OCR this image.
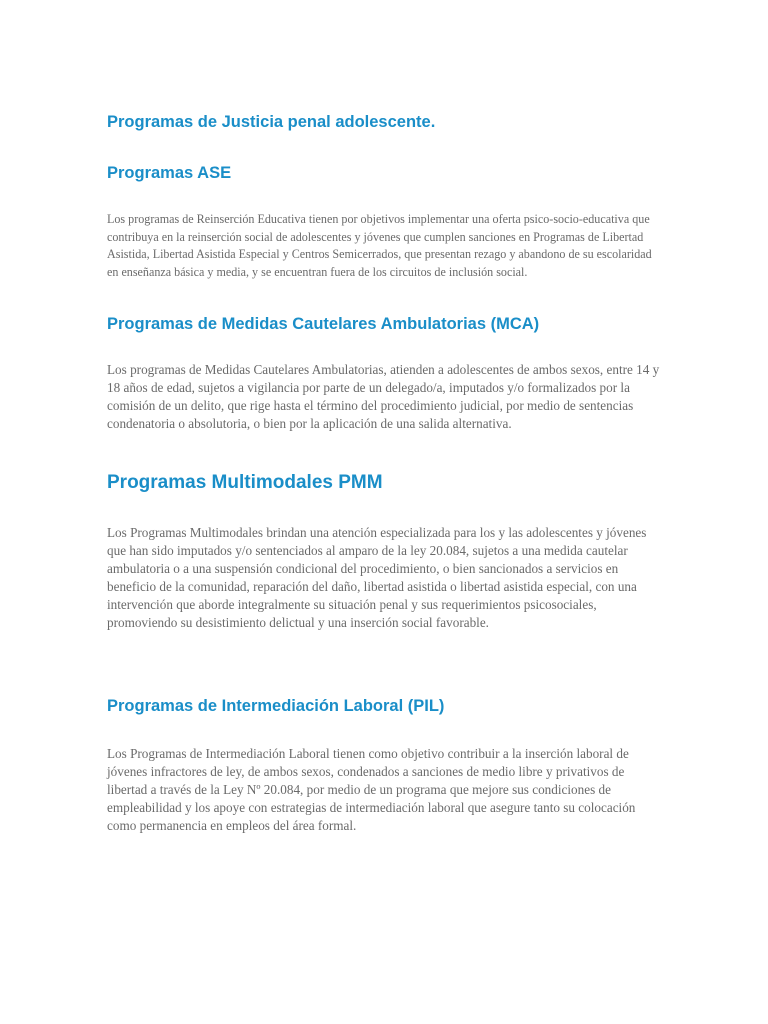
Programas de Justicia penal adolescente.
Programas ASE

Los programas de Reinserción Educativa tienen por objetivos implementar una oferta psico-socio-educativa que contribuya en la reinserción social de adolescentes y jóvenes que cumplen sanciones en Programas de Libertad Asistida, Libertad Asistida Especial y Centros Semicerrados, que presentan rezago y abandono de su escolaridad en enseñanza básica y media, y se encuentran fuera de los circuitos de inclusión social.

Programas de Medidas Cautelares Ambulatorias (MCA)

Los programas de Medidas Cautelares Ambulatorias, atienden a adolescentes de ambos sexos, entre 14 y 18 años de edad, sujetos a vigilancia por parte de un delegado/a, imputados y/o formalizados por la comisión de un delito, que rige hasta el término del procedimiento judicial, por medio de sentencias condenatoria o absolutoria, o bien por la aplicación de una salida alternativa.

Programas Multimodales PMM

Los Programas Multimodales brindan una atención especializada para los y las adolescentes y jóvenes que han sido imputados y/o sentenciados al amparo de la ley 20.084, sujetos a una medida cautelar ambulatoria o a una suspensión condicional del procedimiento, o bien sancionados a servicios en beneficio de la comunidad, reparación del daño, libertad asistida o libertad asistida especial, con una intervención que aborde integralmente su situación penal y sus requerimientos psicosociales, promoviendo su desistimiento delictual y una inserción social favorable.

Programas de Intermediación Laboral (PIL)

Los Programas de Intermediación Laboral tienen como objetivo contribuir a la inserción laboral de jóvenes infractores de ley, de ambos sexos, condenados a sanciones de medio libre y privativos de libertad a través de la Ley Nº 20.084, por medio de un programa que mejore sus condiciones de empleabilidad y los apoye con estrategias de intermediación laboral que asegure tanto su colocación como permanencia en empleos del área formal.
